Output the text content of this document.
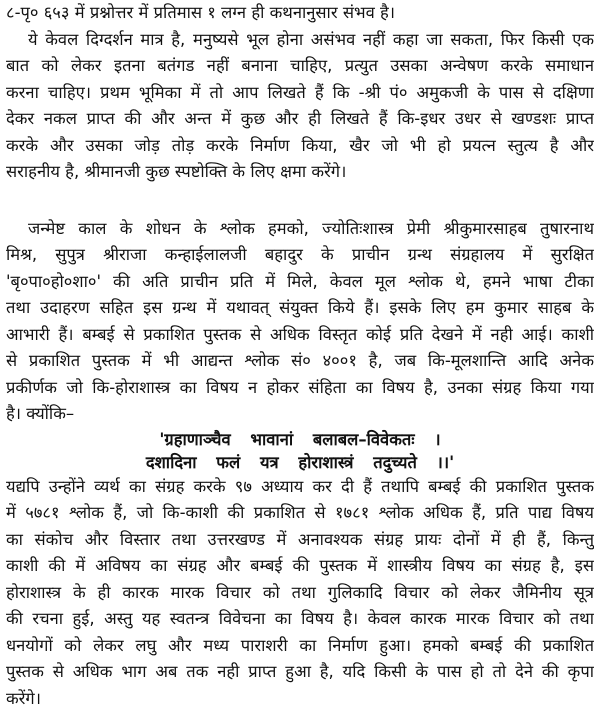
८-पृ० ६५३ में प्रश्नोत्तर में प्रतिमास १ लग्न ही कथनानुसार संभव है।
ये केवल दिग्दर्शन मात्र है, मनुष्यसे भूल होना असंभव नहीं कहा जा सकता, फिर किसी एक
बात को लेकर इतना बतंगड नहीं बनाना चाहिए, प्रत्युत उसका अन्वेषण करके समाधान
करना चाहिए। प्रथम भूमिका में तो आप लिखते हैं कि -श्री पं० अमुकजी के पास से दक्षिणा
देकर नकल प्राप्त की और अन्त में कुछ और ही लिखते हैं कि-इधर उधर से खण्डशः प्राप्त
करके और उसका जोड़ तोड़ करके निर्माण किया, खैर जो भी हो प्रयत्न स्तुत्य है और
सराहनीय है, श्रीमानजी कुछ स्पष्टोक्ति के लिए क्षमा करेंगे।
जन्मेष्ट काल के शोधन के श्लोक हमको, ज्योतिःशास्त्र प्रेमी श्रीकुमारसाहब तुषारनाथ
मिश्र, सुपुत्र श्रीराजा कन्हाईलालजी बहादुर के प्राचीन ग्रन्थ संग्रहालय में सुरक्षित
'बृ०पा०हो०शा०' की अति प्राचीन प्रति में मिले, केवल मूल श्लोक थे, हमने भाषा टीका
तथा उदाहरण सहित इस ग्रन्थ में यथावत् संयुक्त किये हैं। इसके लिए हम कुमार साहब के
आभारी हैं। बम्बई से प्रकाशित पुस्तक से अधिक विस्तृत कोई प्रति देखने में नही आई। काशी
से प्रकाशित पुस्तक में भी आद्यन्त श्लोक सं० ४००१ है, जब कि-मूलशान्ति आदि अनेक
प्रकीर्णक जो कि-होराशास्त्र का विषय न होकर संहिता का विषय है, उनका संग्रह किया गया
है। क्योंकि–
'ग्रहाणाञ्चैव भावानां बलाबल–विवेकतः ।
दशादिना फलं यत्र होराशास्त्रं तदुच्यते ।।'
यद्यपि उन्होंने व्यर्थ का संग्रह करके ९७ अध्याय कर दी हैं तथापि बम्बई की प्रकाशित पुस्तक
में ५७८१ श्लोक हैं, जो कि-काशी की प्रकाशित से १७८१ श्लोक अधिक हैं, प्रति पाद्य विषय
का संकोच और विस्तार तथा उत्तरखण्ड में अनावश्यक संग्रह प्रायः दोनों में ही हैं, किन्तु
काशी की में अविषय का संग्रह और बम्बई की पुस्तक में शास्त्रीय विषय का संग्रह है, इस
होराशास्त्र के ही कारक मारक विचार को तथा गुलिकादि विचार को लेकर जैमिनीय सूत्र
की रचना हुई, अस्तु यह स्वतन्त्र विवेचना का विषय है। केवल कारक मारक विचार को तथा
धनयोगों को लेकर लघु और मध्य पाराशरी का निर्माण हुआ। हमको बम्बई की प्रकाशित
पुस्तक से अधिक भाग अब तक नही प्राप्त हुआ है, यदि किसी के पास हो तो देने की कृपा
करेंगे।
